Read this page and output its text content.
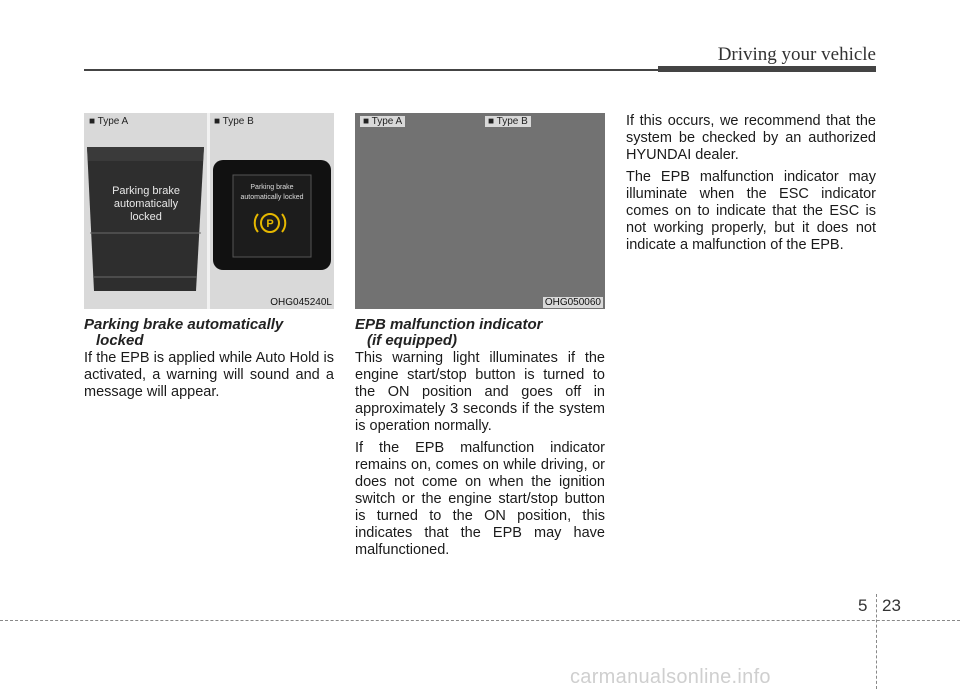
Driving your vehicle
■ Type A	■ Type B
Parking brake
automatically
locked
Parking brake
automatically locked
P
OHG045240L
■ Type A	■ Type B
OHG050060
Parking brake automatically
locked

If the EPB is applied while Auto Hold is activated, a warning will sound and a message will appear.

EPB malfunction indicator
(if equipped)

This warning light illuminates if the engine start/stop button is turned to the ON position and goes off in approximately 3 seconds if the system is operation normally.

If the EPB malfunction indicator remains on, comes on while driving, or does not come on when the ignition switch or the engine start/stop button is turned to the ON position, this indicates that the EPB may have malfunctioned.

If this occurs, we recommend that the system be checked by an authorized HYUNDAI dealer.

The EPB malfunction indicator may illuminate when the ESC indicator comes on to indicate that the ESC is not working properly, but it does not indicate a malfunction of the EPB.

5 23
carmanualsonline.info
